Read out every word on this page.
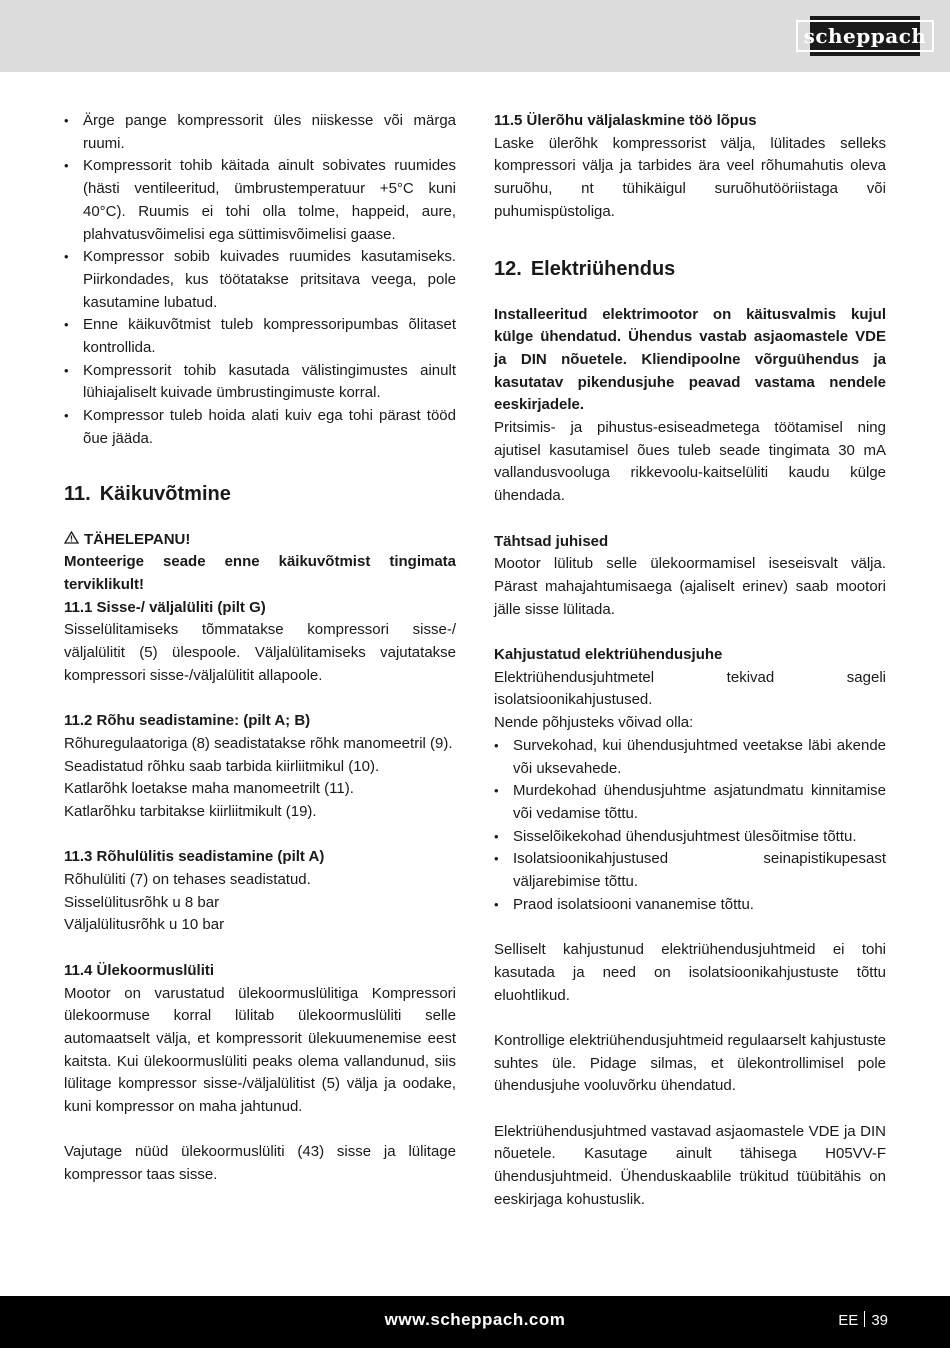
scheppach
• Ärge pange kompressorit üles niiskesse või märga ruumi.
• Kompressorit tohib käitada ainult sobivates ruumides (hästi ventileeritud, ümbrustemperatuur +5°C kuni 40°C). Ruumis ei tohi olla tolme, happeid, aure, plahvatusvõimelisi ega süttimisvõimelisi gaase.
• Kompressor sobib kuivades ruumides kasutamiseks. Piirkondades, kus töötatakse pritsitava veega, pole kasutamine lubatud.
• Enne käikuvõtmist tuleb kompressoripumbas õlitaset kontrollida.
• Kompressorit tohib kasutada välistingimustes ainult lühiajaliselt kuivade ümbrustingimuste korral.
• Kompressor tuleb hoida alati kuiv ega tohi pärast tööd õue jääda.
11. Käikuvõtmine

TÄHELEPANU!

Monteerige seade enne käikuvõtmist tingimata terviklikult!

11.1 Sisse-/ väljalüliti (pilt G)

Sisselülitamiseks tõmmatakse kompressori sisse-/ väljalülitit (5) ülespoole. Väljalülitamiseks vajutatakse kompressori sisse-/väljalülitit allapoole.

11.2 Rõhu seadistamine: (pilt A; B)

Rõhuregulaatoriga (8) seadistatakse rõhk manomeetril (9).

Seadistatud rõhku saab tarbida kiirliitmikul (10).

Katlarõhk loetakse maha manomeetrilt (11).

Katlarõhku tarbitakse kiirliitmikult (19).

11.3 Rõhulülitis seadistamine (pilt A)

Rõhulüliti (7) on tehases seadistatud.

Sisselülitusrõhk u 8 bar

Väljalülitusrõhk u 10 bar

11.4 Ülekoormuslüliti

Mootor on varustatud ülekoormuslülitiga Kompressori ülekoormuse korral lülitab ülekoormuslüliti selle automaatselt välja, et kompressorit ülekuumenemise eest kaitsta. Kui ülekoormuslüliti peaks olema vallandunud, siis lülitage kompressor sisse-/väljalülitist (5) välja ja oodake, kuni kompressor on maha jahtunud.

Vajutage nüüd ülekoormuslüliti (43) sisse ja lülitage kompressor taas sisse.

11.5 Ülerõhu väljalaskmine töö lõpus

Laske ülerõhk kompressorist välja, lülitades selleks kompressori välja ja tarbides ära veel rõhumahutis oleva suruõhu, nt tühikäigul suruõhutööriistaga või puhumispüstoliga.

12. Elektriühendus

Installeeritud elektrimootor on käitusvalmis kujul külge ühendatud. Ühendus vastab asjaomastele VDE ja DIN nõuetele. Kliendipoolne võrguühendus ja kasutatav pikendusjuhe peavad vastama nendele eeskirjadele.

Pritsimis- ja pihustus-esiseadmetega töötamisel ning ajutisel kasutamisel õues tuleb seade tingimata 30 mA vallandusvooluga rikkevoolu-kaitselüliti kaudu külge ühendada.

Tähtsad juhised

Mootor lülitub selle ülekoormamisel iseseisvalt välja. Pärast mahajahtumisaega (ajaliselt erinev) saab mootori jälle sisse lülitada.

Kahjustatud elektriühendusjuhe

Elektriühendusjuhtmetel tekivad sageli isolatsioonikahjustused.

Nende põhjusteks võivad olla:

• Survekohad, kui ühendusjuhtmed veetakse läbi akende või uksevahede.
• Murdekohad ühendusjuhtme asjatundmatu kinnitamise või vedamise tõttu.
• Sisselõikekohad ühendusjuhtmest ülesõitmise tõttu.
• Isolatsioonikahjustused seinapistikupesast väljarebimise tõttu.
• Praod isolatsiooni vananemise tõttu.

Selliselt kahjustunud elektriühendusjuhtmeid ei tohi kasutada ja need on isolatsioonikahjustuste tõttu eluohtlikud.

Kontrollige elektriühendusjuhtmeid regulaarselt kahjustuste suhtes üle. Pidage silmas, et ülekontrollimisel pole ühendusjuhe vooluvõrku ühendatud.

Elektriühendusjuhtmed vastavad asjaomastele VDE ja DIN nõuetele. Kasutage ainult tähisega H05VV-F ühendusjuhtmeid. Ühenduskaablile trükitud tüübitähis on eeskirjaga kohustuslik.

www.scheppach.com	EE 39
